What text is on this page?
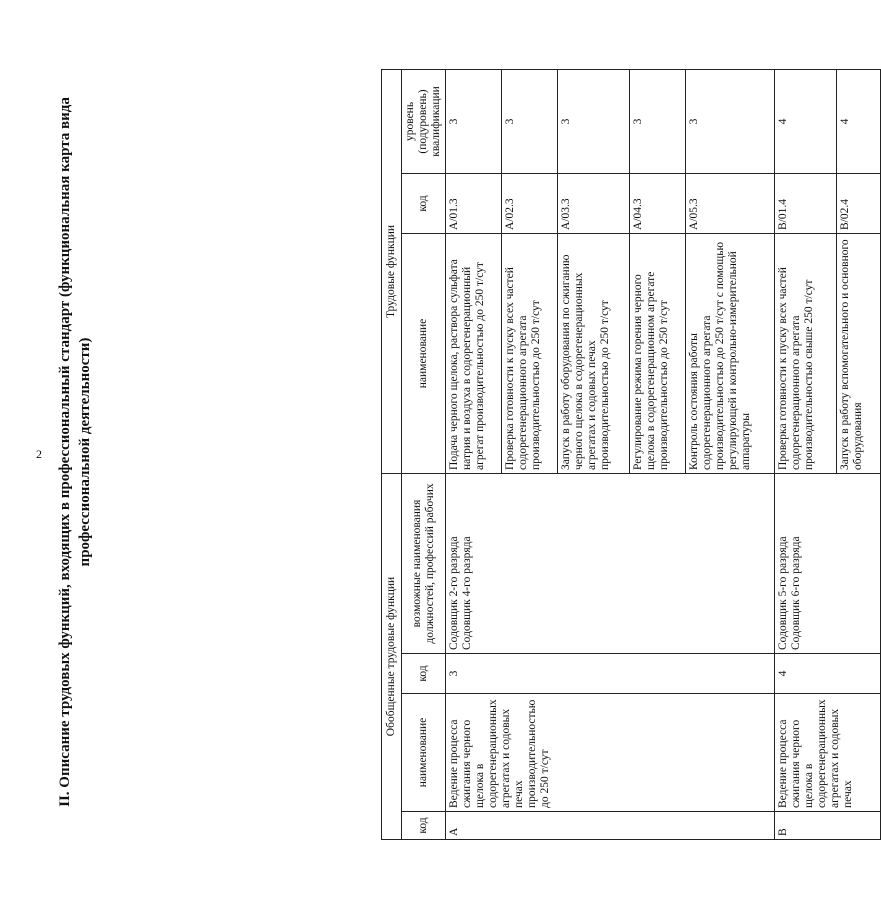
2 II. Описание трудовых функций, входящих в профессиональный стандарт (функциональная карта вида профессиональной деятельности)
Обобщенные трудовые функции				Трудовые функции		
код	наименование	код	возможные наименования должностей, профессий рабочих	наименование	код	уровень (подуровень) квалификации
A	Ведение процесса сжигания черного щелока в содорегенерационных агрегатах и содовых печах производительностью до 250 т/сут	3	Содовщик 2-го разряда Содовщик 4-го разряда	Подача черного щелока, раствора сульфата натрия и воздуха в содорегенерационный агрегат производительностью до 250 т/сут	A/01.3	3
				Проверка готовности к пуску всех частей содорегенерационного агрегата производительностью до 250 т/сут	A/02.3	3
				Запуск в работу оборудования по сжиганию черного щелока в содорегенерационных агрегатах и содовых печах производительностью до 250 т/сут	A/03.3	3
				Регулирование режима горения черного щелока в содорегенерационном агрегате производительностью до 250 т/сут	A/04.3	3
				Контроль состояния работы содорегенерационного агрегата производительностью до 250 т/сут с помощью регулирующей и контрольно-измерительной аппаратуры	A/05.3	3
B	Ведение процесса сжигания черного щелока в содорегенерационных агрегатах и содовых печах	4	Содовщик 5-го разряда Содовщик 6-го разряда	Проверка готовности к пуску всех частей содорегенерационного агрегата производительностью свыше 250 т/сут	B/01.4	4
				Запуск в работу вспомогательного и основного оборудования	B/02.4	4
